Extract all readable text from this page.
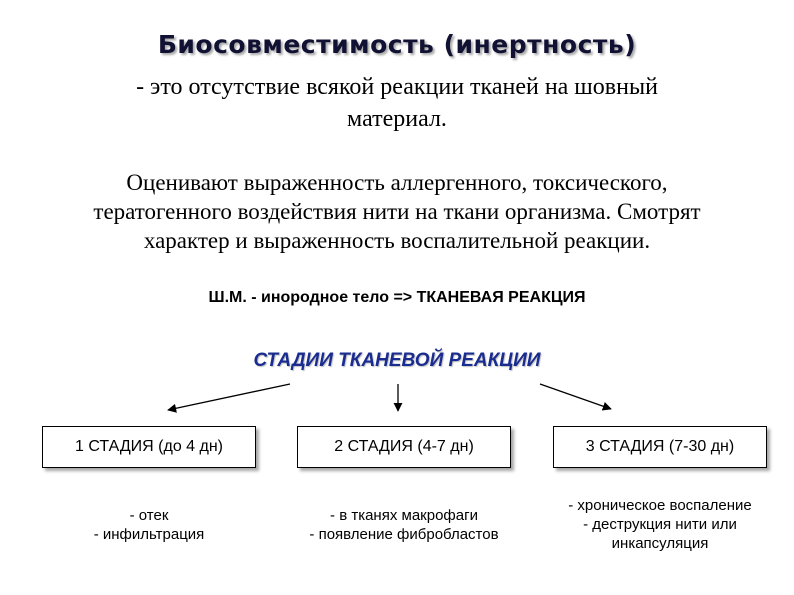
Биосовместимость (инертность)
- это отсутствие всякой реакции тканей на шовный
материал.
Оценивают выраженность аллергенного, токсического,
тератогенного воздействия нити на ткани организма. Смотрят
характер и выраженность воспалительной реакции.
Ш.М. - инородное тело => ТКАНЕВАЯ РЕАКЦИЯ
СТАДИИ ТКАНЕВОЙ РЕАКЦИИ
1 СТАДИЯ (до 4 дн)	2 СТАДИЯ (4-7 дн)	3 СТАДИЯ (7-30 дн)
- отек
- инфильтрация
- в тканях макрофаги
- появление фибробластов
- хроническое воспаление
- деструкция нити или
инкапсуляция
